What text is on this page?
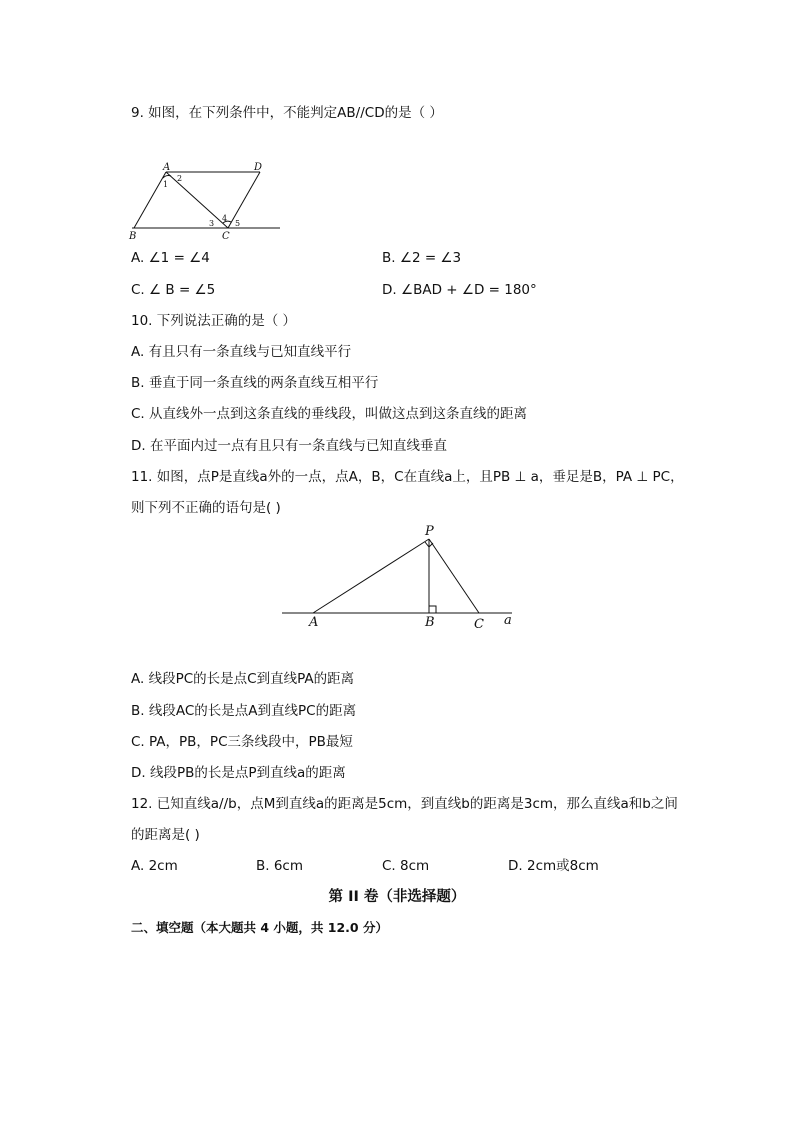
9. 如图，在下列条件中，不能判定AB//CD的是（ ）
A	D
B	C
1
2
3
4
5
A. ∠1 = ∠4	B. ∠2 = ∠3
C. ∠ B = ∠5	D. ∠BAD + ∠D = 180°
10. 下列说法正确的是（ ）
A. 有且只有一条直线与已知直线平行
B. 垂直于同一条直线的两条直线互相平行
C. 从直线外一点到这条直线的垂线段，叫做这点到这条直线的距离
D. 在平面内过一点有且只有一条直线与已知直线垂直
11. 如图，点P是直线a外的一点，点A，B，C在直线a上，且PB ⊥ a，垂足是B，PA ⊥ PC，
则下列不正确的语句是( )
P
A	B	C a
A. 线段PC的长是点C到直线PA的距离
B. 线段AC的长是点A到直线PC的距离
C. PA，PB，PC三条线段中，PB最短
D. 线段PB的长是点P到直线a的距离
12. 已知直线a//b，点M到直线a的距离是5cm，到直线b的距离是3cm，那么直线a和b之间
的距离是( )
A. 2cm	B. 6cm	C. 8cm	D. 2cm或8cm
第 II 卷（非选择题）
二、填空题（本大题共 4 小题，共 12.0 分）
